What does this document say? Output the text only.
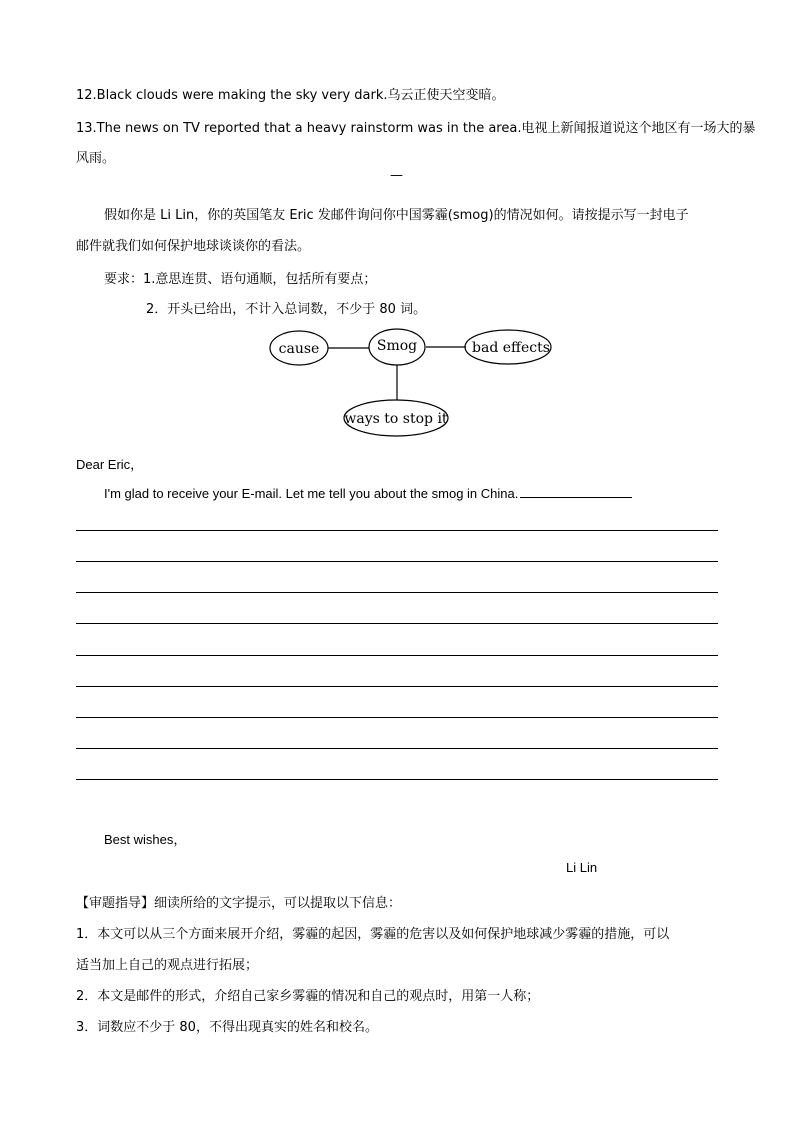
12.Black clouds were making the sky very dark.乌云正使天空变暗。
13.The news on TV reported that a heavy rainstorm was in the area.电视上新闻报道说这个地区有一场大的暴
风雨。
—
假如你是 Li Lin，你的英国笔友 Eric 发邮件询问你中国雾霾(smog)的情况如何。请按提示写一封电子
邮件就我们如何保护地球谈谈你的看法。
要求：1.意思连贯、语句通顺，包括所有要点；
2．开头已给出，不计入总词数，不少于 80 词。
cause	Smog	bad effects
ways to stop it
Dear Eric，
I'm glad to receive your E-mail. Let me tell you about the smog in China.
Best wishes，
Li Lin
【审题指导】细读所给的文字提示，可以提取以下信息：
1．本文可以从三个方面来展开介绍，雾霾的起因，雾霾的危害以及如何保护地球减少雾霾的措施，可以
适当加上自己的观点进行拓展；
2．本文是邮件的形式，介绍自己家乡雾霾的情况和自己的观点时，用第一人称；
3．词数应不少于 80，不得出现真实的姓名和校名。
